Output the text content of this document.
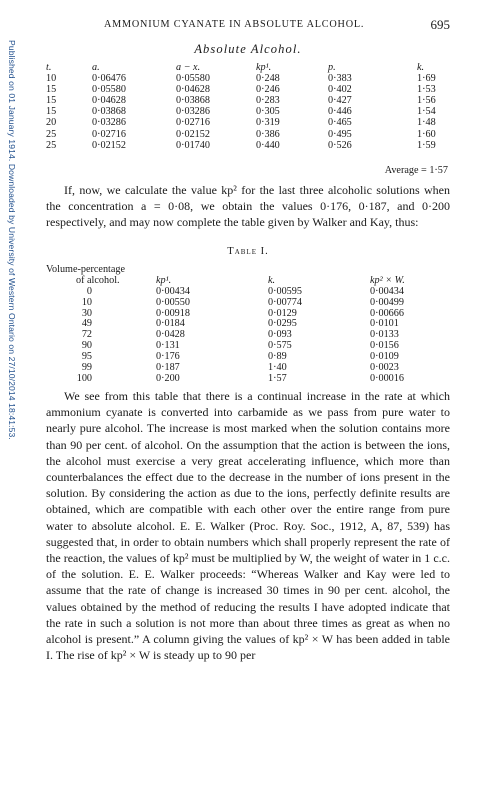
Published on 01 January 1914. Downloaded by University of Western Ontario on 27/10/2014 18:41:53.
AMMONIUM CYANATE IN ABSOLUTE ALCOHOL.	695
Absolute Alcohol.
t.	a.	a − x.	kp¹.	p.	k.
10	0·06476	0·05580	0·248	0·383	1·69
15	0·05580	0·04628	0·246	0·402	1·53
15	0·04628	0·03868	0·283	0·427	1·56
15	0·03868	0·03286	0·305	0·446	1·54
20	0·03286	0·02716	0·319	0·465	1·48
25	0·02716	0·02152	0·386	0·495	1·60
25	0·02152	0·01740	0·440	0·526	1·59
Average = 1·57

If, now, we calculate the value kp² for the last three alcoholic solutions when the concentration a = 0·08, we obtain the values 0·176, 0·187, and 0·200 respectively, and may now complete the table given by Walker and Kay, thus:

Table I.
Volume-percentage
of alcohol.	kp¹.	k.	kp² × W.
0	0·00434	0·00595	0·00434
10	0·00550	0·00774	0·00499
30	0·00918	0·0129	0·00666
49	0·0184	0·0295	0·0101
72	0·0428	0·093	0·0133
90	0·131	0·575	0·0156
95	0·176	0·89	0·0109
99	0·187	1·40	0·0023
100	0·200	1·57	0·00016

We see from this table that there is a continual increase in the rate at which ammonium cyanate is converted into carbamide as we pass from pure water to nearly pure alcohol. The increase is most marked when the solution contains more than 90 per cent. of alcohol. On the assumption that the action is between the ions, the alcohol must exercise a very great accelerating influence, which more than counterbalances the effect due to the decrease in the number of ions present in the solution. By considering the action as due to the ions, perfectly definite results are obtained, which are compatible with each other over the entire range from pure water to absolute alcohol. E. E. Walker (Proc. Roy. Soc., 1912, A, 87, 539) has suggested that, in order to obtain numbers which shall properly represent the rate of the reaction, the values of kp² must be multiplied by W, the weight of water in 1 c.c. of the solution. E. E. Walker proceeds: “Whereas Walker and Kay were led to assume that the rate of change is increased 30 times in 90 per cent. alcohol, the values obtained by the method of reducing the results I have adopted indicate that the rate in such a solution is not more than about three times as great as when no alcohol is present.” A column giving the values of kp² × W has been added in table I. The rise of kp² × W is steady up to 90 per
